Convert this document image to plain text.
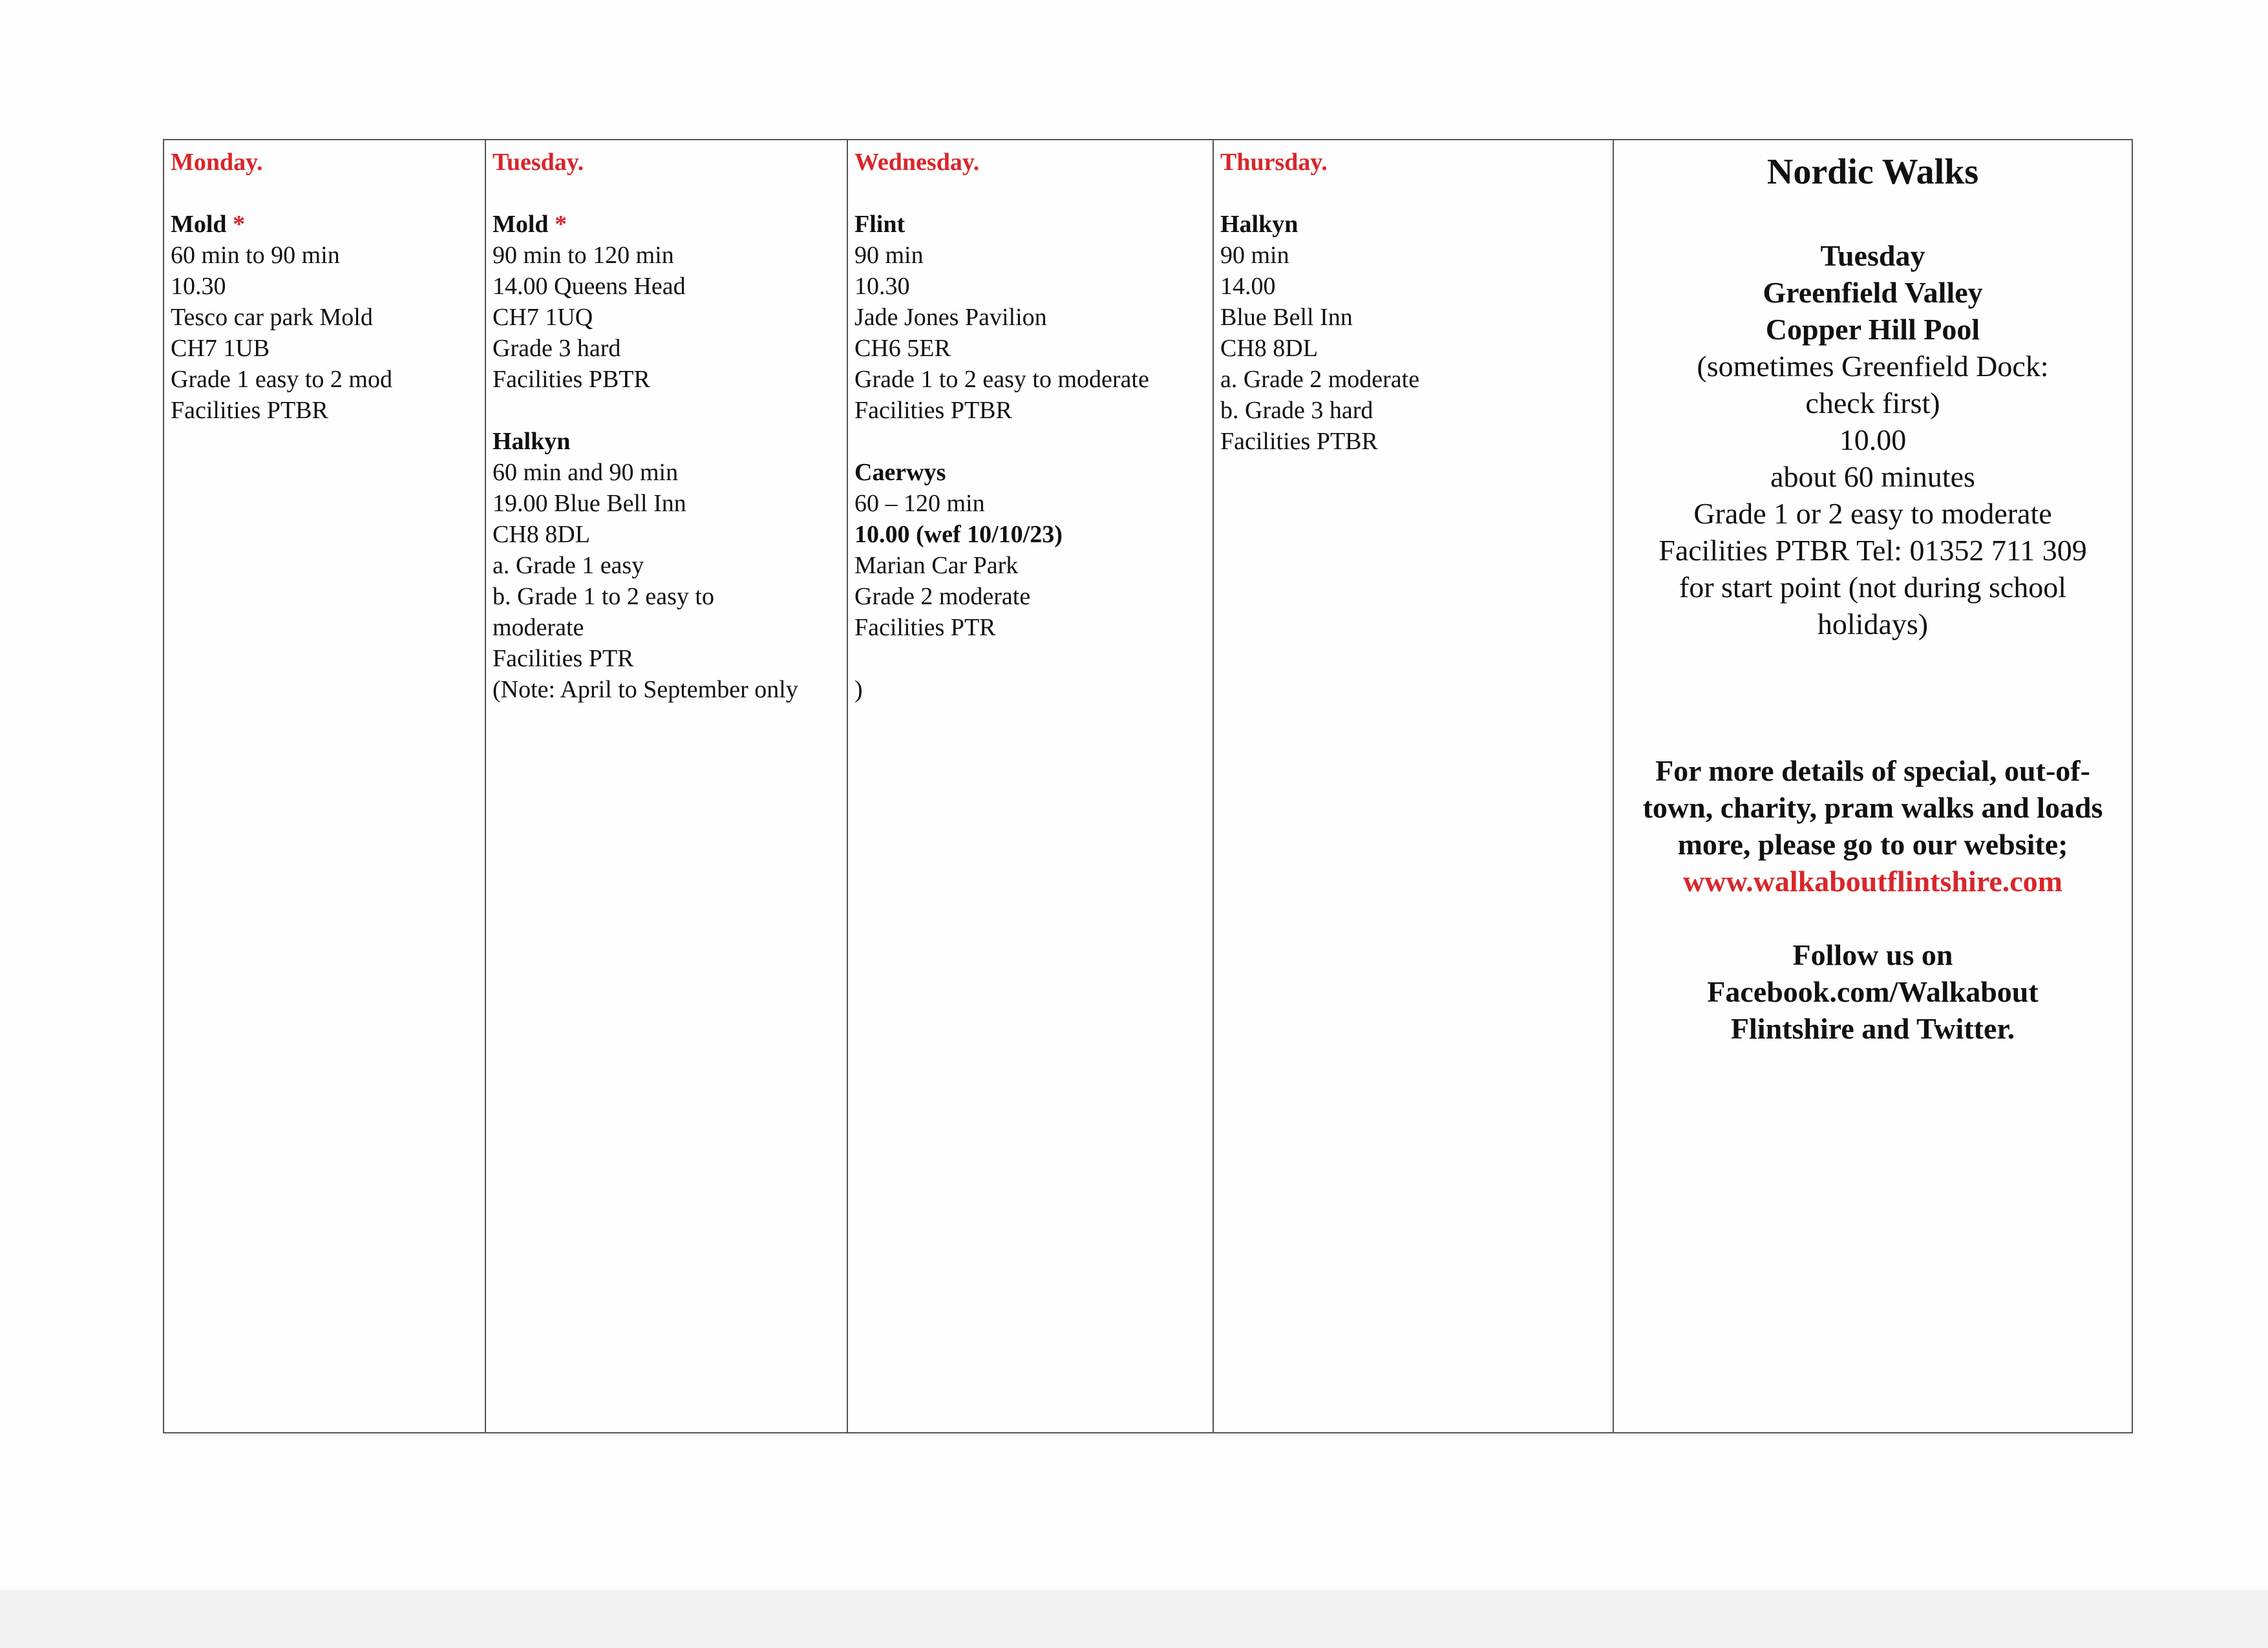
Monday.
Mold *
60 min to 90 min
10.30
Tesco car park Mold
CH7 1UB
Grade 1 easy to 2 mod
Facilities PTBR
Tuesday.
Mold *
90 min to 120 min
14.00 Queens Head
CH7 1UQ
Grade 3 hard
Facilities PBTR
Halkyn
60 min and 90 min
19.00 Blue Bell Inn
CH8 8DL
a. Grade 1 easy
b. Grade 1 to 2 easy to
moderate
Facilities PTR
(Note: April to September only
Wednesday.
Flint
90 min
10.30
Jade Jones Pavilion
CH6 5ER
Grade 1 to 2 easy to moderate
Facilities PTBR
Caerwys
60 – 120 min
10.00 (wef 10/10/23)
Marian Car Park
Grade 2 moderate
Facilities PTR
)
Thursday.
Halkyn
90 min
14.00
Blue Bell Inn
CH8 8DL
a. Grade 2 moderate
b. Grade 3 hard
Facilities PTBR
Nordic Walks
Tuesday
Greenfield Valley
Copper Hill Pool
(sometimes Greenfield Dock:
check first)
10.00
about 60 minutes
Grade 1 or 2 easy to moderate
Facilities PTBR Tel: 01352 711 309
for start point (not during school
holidays)
For more details of special, out-of-
town, charity, pram walks and loads
more, please go to our website;
www.walkaboutflintshire.com
Follow us on
Facebook.com/Walkabout
Flintshire and Twitter.
